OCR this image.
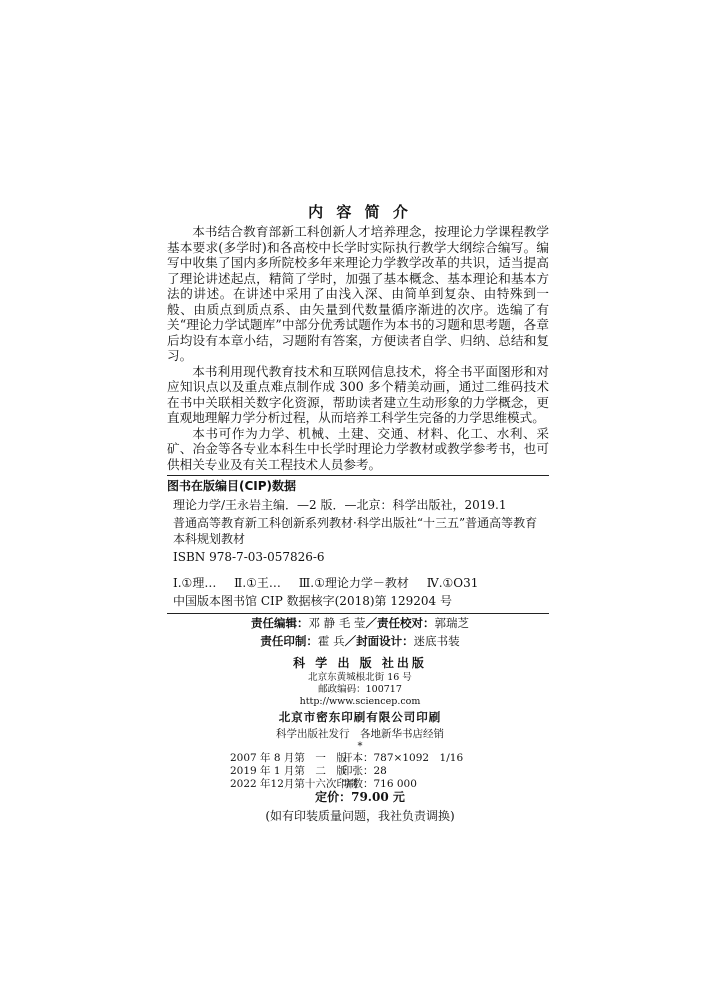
内 容 简 介

本书结合教育部新工科创新人才培养理念，按理论力学课程教学基本要求(多学时)和各高校中长学时实际执行教学大纲综合编写。编写中收集了国内多所院校多年来理论力学教学改革的共识，适当提高了理论讲述起点，精简了学时，加强了基本概念、基本理论和基本方法的讲述。在讲述中采用了由浅入深、由简单到复杂、由特殊到一般、由质点到质点系、由矢量到代数量循序渐进的次序。选编了有关“理论力学试题库”中部分优秀试题作为本书的习题和思考题，各章后均设有本章小结，习题附有答案，方便读者自学、归纳、总结和复习。

本书利用现代教育技术和互联网信息技术，将全书平面图形和对应知识点以及重点难点制作成 300 多个精美动画，通过二维码技术在书中关联相关数字化资源，帮助读者建立生动形象的力学概念，更直观地理解力学分析过程，从而培养工科学生完备的力学思维模式。

本书可作为力学、机械、土建、交通、材料、化工、水利、采矿、冶金等各专业本科生中长学时理论力学教材或教学参考书，也可供相关专业及有关工程技术人员参考。

图书在版编目(CIP)数据
理论力学/王永岩主编．—2 版．—北京：科学出版社，2019.1
普通高等教育新工科创新系列教材·科学出版社“十三五”普通高等教育本科规划教材
ISBN 978-7-03-057826-6
Ⅰ.①理… Ⅱ.①王… Ⅲ.①理论力学－教材 Ⅳ.①O31
中国版本图书馆 CIP 数据核字(2018)第 129204 号
责任编辑：邓 静 毛 莹／责任校对：郭瑞芝
责任印制：霍 兵／封面设计：迷底书装
科 学 出 版 社出版
北京东黄城根北街 16 号
邮政编码：100717
http://www.sciencep.com
北京市密东印刷有限公司印刷
科学出版社发行　各地新华书店经销
*
2007 年 8 月第　一　版开本：787×1092　1/16
2019 年 1 月第　二　版印张：28
2022 年12月第十六次印刷字数：716 000
定价：79.00 元
(如有印装质量问题，我社负责调换)
